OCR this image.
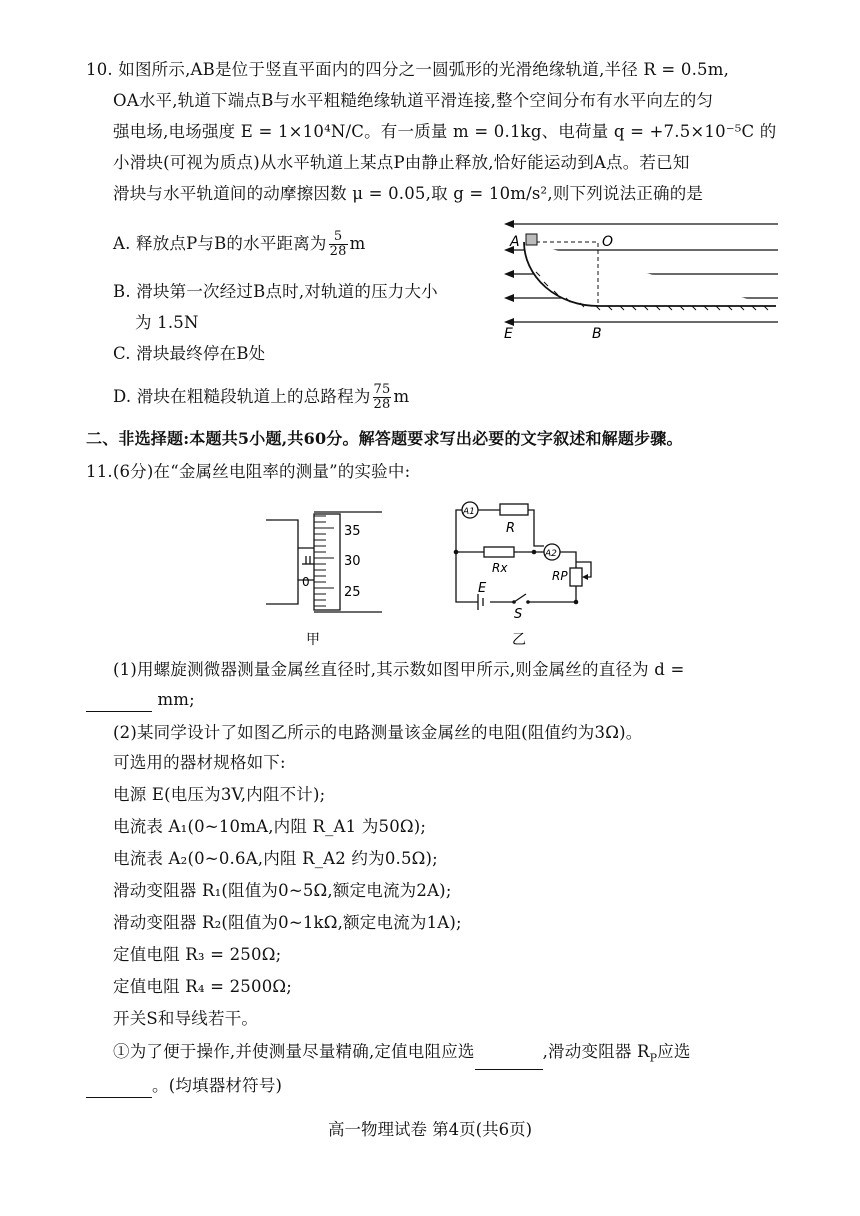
10. 如图所示,AB是位于竖直平面内的四分之一圆弧形的光滑绝缘轨道,半径 R = 0.5m,
OA水平,轨道下端点B与水平粗糙绝缘轨道平滑连接,整个空间分布有水平向左的匀
强电场,电场强度 E = 1×10⁴N/C。有一质量 m = 0.1kg、电荷量 q = +7.5×10⁻⁵C 的
小滑块(可视为质点)从水平轨道上某点P由静止释放,恰好能运动到A点。若已知
滑块与水平轨道间的动摩擦因数 μ = 0.05,取 g = 10m/s²,则下列说法正确的是
A. 释放点P与B的水平距离为 $\frac{5}{28}$ m
B. 滑块第一次经过B点时,对轨道的压力大小
为 1.5N
C. 滑块最终停在B处
D. 滑块在粗糙段轨道上的总路程为 $\frac{75}{28}$ m
A	O
E	B
二、非选择题:本题共5小题,共60分。解答题要求写出必要的文字叙述和解题步骤。
11.(6分)在“金属丝电阻率的测量”的实验中:
35
30
25
0
甲
A1
A2
R
Rx
RP
E
S
乙
(1)用螺旋测微器测量金属丝直径时,其示数如图甲所示,则金属丝的直径为 d =
mm;
(2)某同学设计了如图乙所示的电路测量该金属丝的电阻(阻值约为3Ω)。
可选用的器材规格如下:
电源 E(电压为3V,内阻不计);
电流表 A₁(0~10mA,内阻 R_A1 为50Ω);
电流表 A₂(0~0.6A,内阻 R_A2 约为0.5Ω);
滑动变阻器 R₁(阻值为0~5Ω,额定电流为2A);
滑动变阻器 R₂(阻值为0~1kΩ,额定电流为1A);
定值电阻 R₃ = 250Ω;
定值电阻 R₄ = 2500Ω;
开关S和导线若干。
①为了便于操作,并使测量尽量精确,定值电阻应选	,滑动变阻器 $R_P$应选
。(均填器材符号)
高一物理试卷 第4页(共6页)
